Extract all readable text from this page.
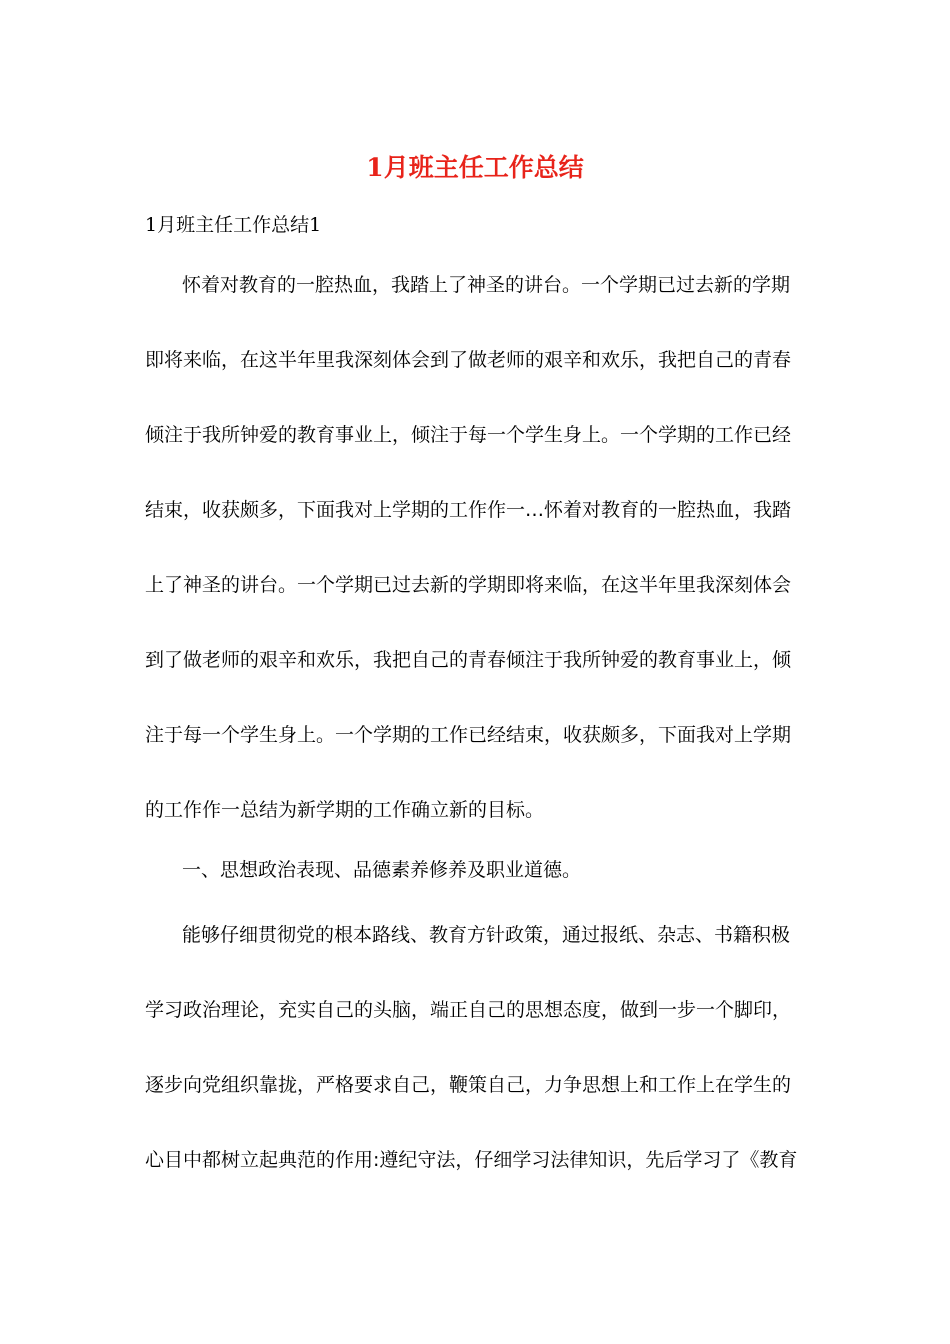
1月班主任工作总结

1月班主任工作总结1

怀着对教育的一腔热血，我踏上了神圣的讲台。一个学期已过去新的学期

即将来临，在这半年里我深刻体会到了做老师的艰辛和欢乐，我把自己的青春

倾注于我所钟爱的教育事业上，倾注于每一个学生身上。一个学期的工作已经

结束，收获颇多，下面我对上学期的工作作一…怀着对教育的一腔热血，我踏

上了神圣的讲台。一个学期已过去新的学期即将来临，在这半年里我深刻体会

到了做老师的艰辛和欢乐，我把自己的青春倾注于我所钟爱的教育事业上，倾

注于每一个学生身上。一个学期的工作已经结束，收获颇多，下面我对上学期

的工作作一总结为新学期的工作确立新的目标。

一、思想政治表现、品德素养修养及职业道德。

能够仔细贯彻党的根本路线、教育方针政策，通过报纸、杂志、书籍积极

学习政治理论，充实自己的头脑，端正自己的思想态度，做到一步一个脚印，

逐步向党组织靠拢，严格要求自己，鞭策自己，力争思想上和工作上在学生的

心目中都树立起典范的作用:遵纪守法，仔细学习法律知识，先后学习了《教育
